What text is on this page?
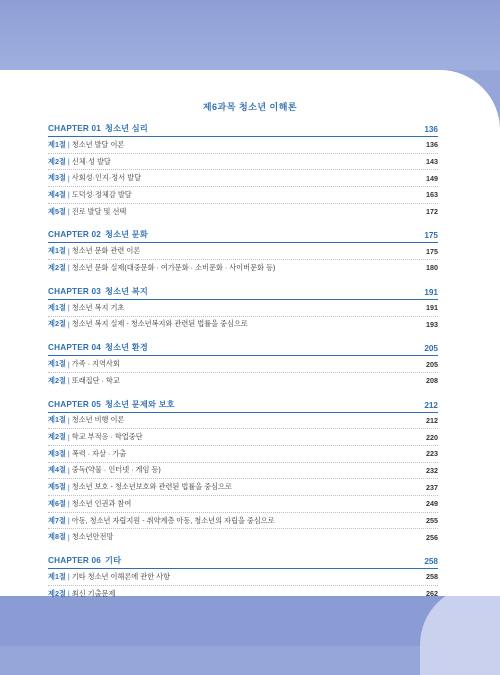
제6과목 청소년 이해론
CHAPTER 01 청소년 심리	136
제1절 | 청소년 발달 이론	136
제2절 | 신체·성 발달	143
제3절 | 사회성·인지·정서 발달	149
제4절 | 도덕성·정체감 발달	163
제5절 | 진로 발달 및 선택	172
CHAPTER 02 청소년 문화	175
제1절 | 청소년 문화 관련 이론	175
제2절 | 청소년 문화 실제(대중문화 · 여가문화 · 소비문화 · 사이버문화 등)	180
CHAPTER 03 청소년 복지	191
제1절 | 청소년 복지 기초	191
제2절 | 청소년 복지 실제 - 청소년복지와 관련된 법률을 중심으로	193
CHAPTER 04 청소년 환경	205
제1절 | 가족 · 지역사회	205
제2절 | 또래집단 · 학교	208
CHAPTER 05 청소년 문제와 보호	212
제1절 | 청소년 비행 이론	212
제2절 | 학교 부적응 · 학업중단	220
제3절 | 폭력 · 자살 · 가출	223
제4절 | 중독(약물 · 인터넷 · 게임 등)	232
제5절 | 청소년 보호 - 청소년보호와 관련된 법률을 중심으로	237
제6절 | 청소년 인권과 참여	249
제7절 | 아동, 청소년 자립지원 - 취약계층 아동, 청소년의 자립을 중심으로	255
제8절 | 청소년안전망	256
CHAPTER 06 기타	258
제1절 | 기타 청소년 이해론에 관한 사항	258
제2절 | 최신 기출문제	262
